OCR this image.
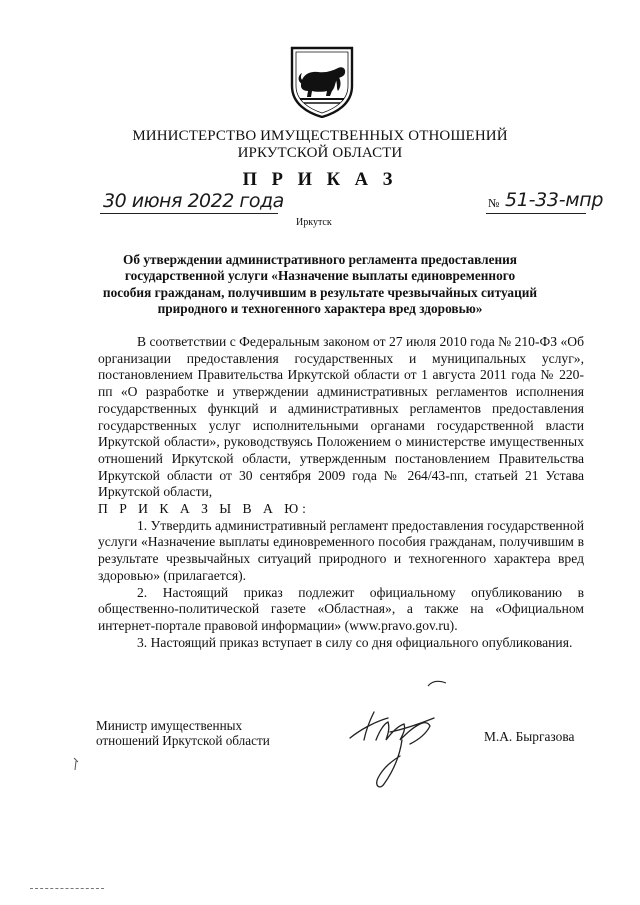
МИНИСТЕРСТВО ИМУЩЕСТВЕННЫХ ОТНОШЕНИЙ
ИРКУТСКОЙ ОБЛАСТИ
П Р И К А З
30 июня 2022 года	№ 51-33-мпр
Иркутск
Об утверждении административного регламента предоставления
государственной услуги «Назначение выплаты единовременного
пособия гражданам, получившим в результате чрезвычайных ситуаций
природного и техногенного характера вред здоровью»

В соответствии с Федеральным законом от 27 июля 2010 года № 210-ФЗ «Об организации предоставления государственных и муниципальных услуг», постановлением Правительства Иркутской области от 1 августа 2011 года № 220-пп «О разработке и утверждении административных регламентов исполнения государственных функций и административных регламентов предоставления государственных услуг исполнительными органами государственной власти Иркутской области», руководствуясь Положением о министерстве имущественных отношений Иркутской области, утвержденным постановлением Правительства Иркутской области от 30 сентября 2009 года № 264/43-пп, статьей 21 Устава Иркутской области,

П Р И К А З Ы В А Ю:

1. Утвердить административный регламент предоставления государственной услуги «Назначение выплаты единовременного пособия гражданам, получившим в результате чрезвычайных ситуаций природного и техногенного характера вред здоровью» (прилагается).

2. Настоящий приказ подлежит официальному опубликованию в общественно-политической газете «Областная», а также на «Официальном интернет-портале правовой информации» (www.pravo.gov.ru).

3. Настоящий приказ вступает в силу со дня официального опубликования.

Министр имущественных
отношений Иркутской области	М.А. Быргазова
